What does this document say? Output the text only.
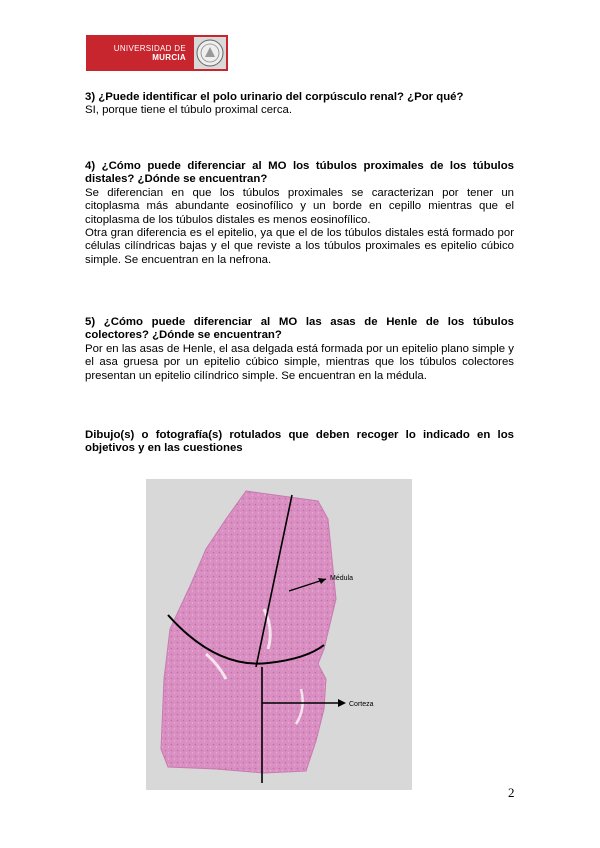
UNIVERSIDAD DE
MURCIA
3) ¿Puede identificar el polo urinario del corpúsculo renal? ¿Por qué?
SI, porque tiene el túbulo proximal cerca.
4) ¿Cómo puede diferenciar al MO los túbulos proximales de los túbulos distales? ¿Dónde se encuentran?
Se diferencian en que los túbulos proximales se caracterizan por tener un citoplasma más abundante eosinofílico y un borde en cepillo mientras que el citoplasma de los túbulos distales es menos eosinofílico.
Otra gran diferencia es el epitelio, ya que el de los túbulos distales está formado por células cilíndricas bajas y el que reviste a los túbulos proximales es epitelio cúbico simple. Se encuentran en la nefrona.
5) ¿Cómo puede diferenciar al MO las asas de Henle de los túbulos colectores? ¿Dónde se encuentran?
Por en las asas de Henle, el asa delgada está formada por un epitelio plano simple y el asa gruesa por un epitelio cúbico simple, mientras que los túbulos colectores presentan un epitelio cilíndrico simple. Se encuentran en la médula.
Dibujo(s) o fotografía(s) rotulados que deben recoger lo indicado en los objetivos y en las cuestiones
Médula
Corteza
2
